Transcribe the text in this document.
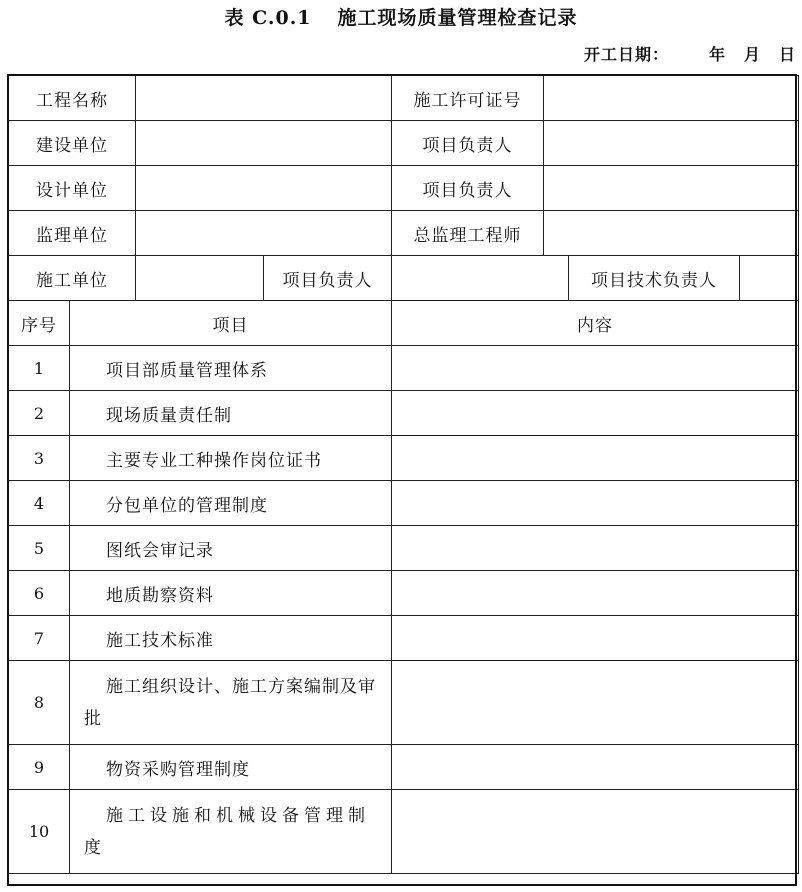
表 C.0.1 施工现场质量管理检查记录
开工日期：	年 月 日
工程名称				施工许可证号			
建设单位				项目负责人			
设计单位				项目负责人			
监理单位				总监理工程师			
施工单位			项目负责人			项目技术负责人	
序号	项目			内容			
1	项目部质量管理体系						
2	现场质量责任制						
3	主要专业工种操作岗位证书						
4	分包单位的管理制度						
5	图纸会审记录						
6	地质勘察资料						
7	施工技术标准						
8	施工组织设计、施工方案编制及审批						
9	物资采购管理制度						
10	施工设施和机械设备管理制度						
